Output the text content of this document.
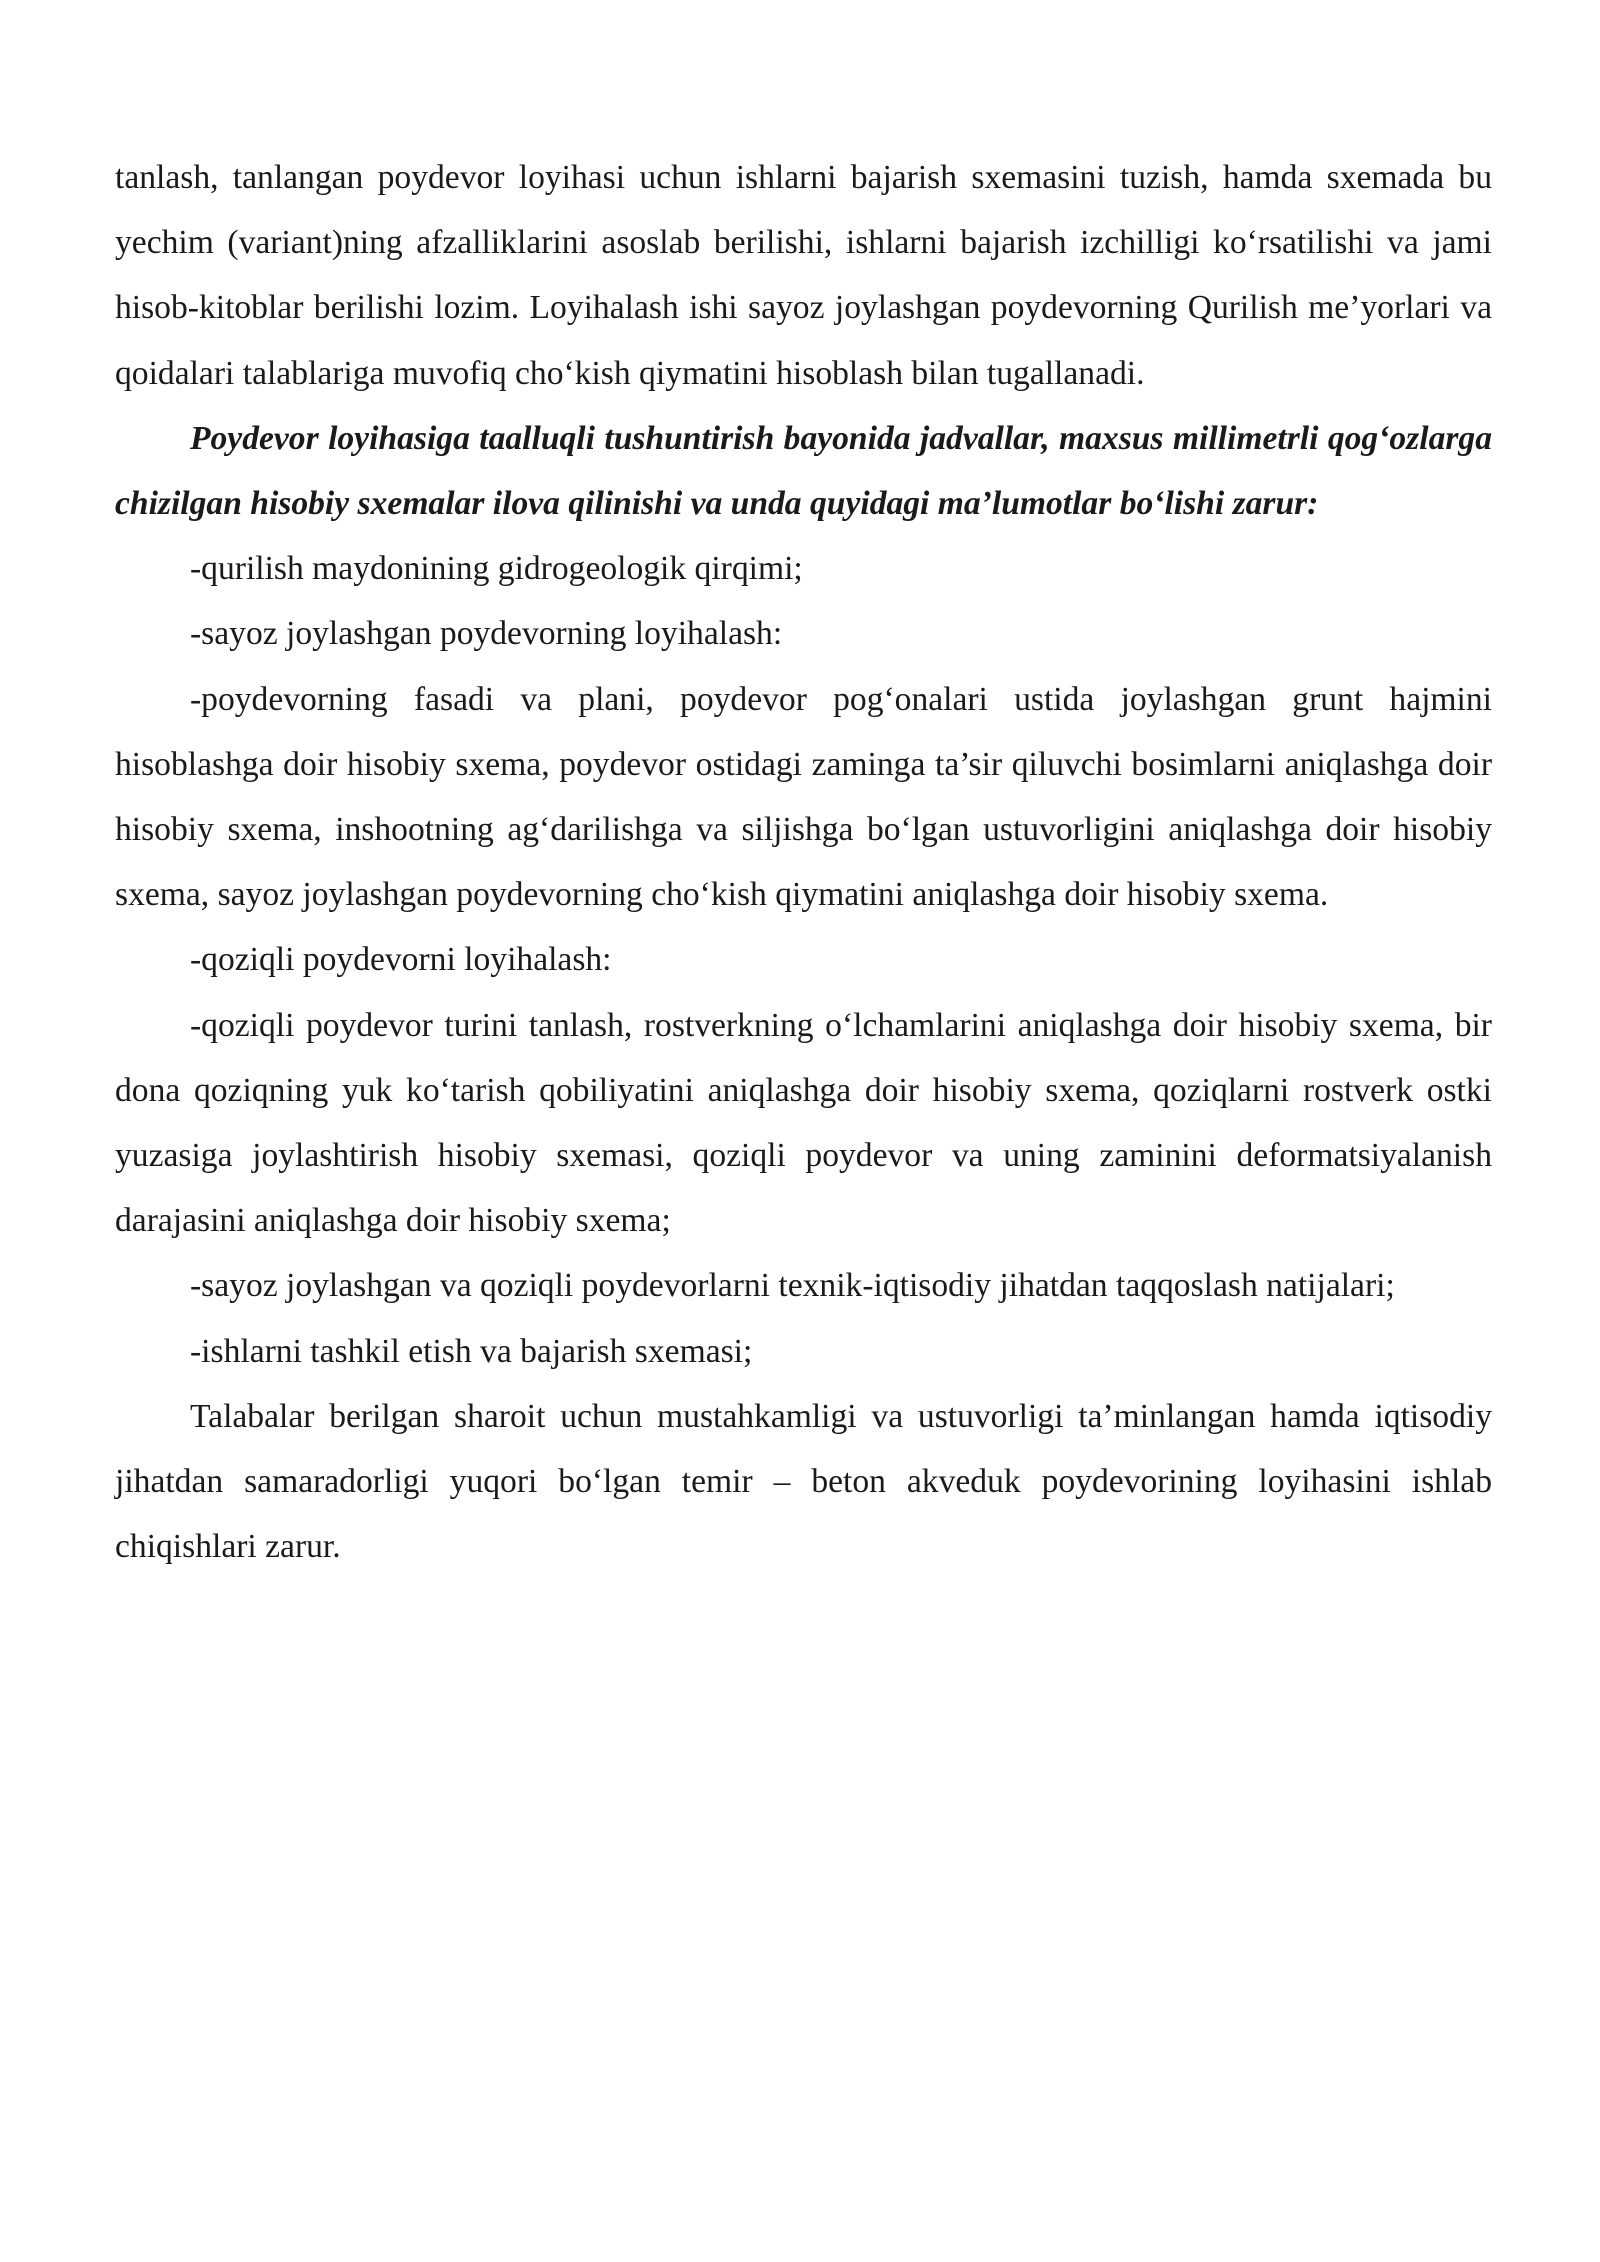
tanlash, tanlangan poydevor loyihasi uchun ishlarni bajarish sxemasini tuzish, hamda sxemada bu yechim (variant)ning afzalliklarini asoslab berilishi, ishlarni bajarish izchilligi ko‘rsatilishi va jami hisob-kitoblar berilishi lozim. Loyihalash ishi sayoz joylashgan poydevorning Qurilish me’yorlari va qoidalari talablariga muvofiq cho‘kish qiymatini hisoblash bilan tugallanadi.

Poydevor loyihasiga taalluqli tushuntirish bayonida jadvallar, maxsus millimetrli qog‘ozlarga chizilgan hisobiy sxemalar ilova qilinishi va unda quyidagi ma’lumotlar bo‘lishi zarur:

-qurilish maydonining gidrogeologik qirqimi;

-sayoz joylashgan poydevorning loyihalash:

-poydevorning fasadi va plani, poydevor pog‘onalari ustida joylashgan grunt hajmini hisoblashga doir hisobiy sxema, poydevor ostidagi zaminga ta’sir qiluvchi bosimlarni aniqlashga doir hisobiy sxema, inshootning ag‘darilishga va siljishga bo‘lgan ustuvorligini aniqlashga doir hisobiy sxema, sayoz joylashgan poydevorning cho‘kish qiymatini aniqlashga doir hisobiy sxema.

-qoziqli poydevorni loyihalash:

-qoziqli poydevor turini tanlash, rostverkning o‘lchamlarini aniqlashga doir hisobiy sxema, bir dona qoziqning yuk ko‘tarish qobiliyatini aniqlashga doir hisobiy sxema, qoziqlarni rostverk ostki yuzasiga joylashtirish hisobiy sxemasi, qoziqli poydevor va uning zaminini deformatsiyalanish darajasini aniqlashga doir hisobiy sxema;

-sayoz joylashgan va qoziqli poydevorlarni texnik-iqtisodiy jihatdan taqqoslash natijalari;

-ishlarni tashkil etish va bajarish sxemasi;

Talabalar berilgan sharoit uchun mustahkamligi va ustuvorligi ta’minlangan hamda iqtisodiy jihatdan samaradorligi yuqori bo‘lgan temir – beton akveduk poydevorining loyihasini ishlab chiqishlari zarur.
